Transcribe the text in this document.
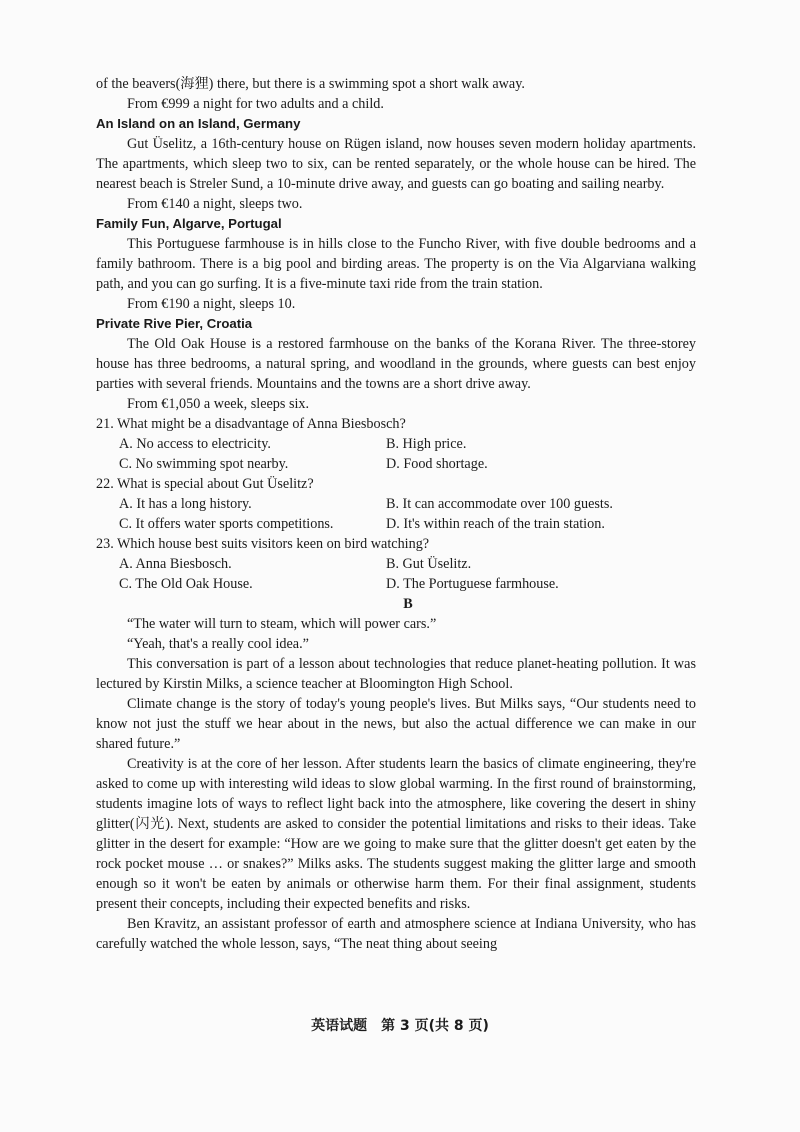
of the beavers(海狸) there, but there is a swimming spot a short walk away.

From €999 a night for two adults and a child.

An Island on an Island, Germany

Gut Üselitz, a 16th-century house on Rügen island, now houses seven modern holiday apartments. The apartments, which sleep two to six, can be rented separately, or the whole house can be hired. The nearest beach is Streler Sund, a 10-minute drive away, and guests can go boating and sailing nearby.

From €140 a night, sleeps two.

Family Fun, Algarve, Portugal

This Portuguese farmhouse is in hills close to the Funcho River, with five double bedrooms and a family bathroom. There is a big pool and birding areas. The property is on the Via Algarviana walking path, and you can go surfing. It is a five-minute taxi ride from the train station.

From €190 a night, sleeps 10.

Private Rive Pier, Croatia

The Old Oak House is a restored farmhouse on the banks of the Korana River. The three-storey house has three bedrooms, a natural spring, and woodland in the grounds, where guests can best enjoy parties with several friends. Mountains and the towns are a short drive away.

From €1,050 a week, sleeps six.

21. What might be a disadvantage of Anna Biesbosch?

A. No access to electricity.	B. High price.
C. No swimming spot nearby.	D. Food shortage.

22. What is special about Gut Üselitz?

A. It has a long history.	B. It can accommodate over 100 guests.
C. It offers water sports competitions.	D. It's within reach of the train station.

23. Which house best suits visitors keen on bird watching?

A. Anna Biesbosch.	B. Gut Üselitz.
C. The Old Oak House.	D. The Portuguese farmhouse.

B

“The water will turn to steam, which will power cars.”

“Yeah, that's a really cool idea.”

This conversation is part of a lesson about technologies that reduce planet-heating pollution. It was lectured by Kirstin Milks, a science teacher at Bloomington High School.

Climate change is the story of today's young people's lives. But Milks says, “Our students need to know not just the stuff we hear about in the news, but also the actual difference we can make in our shared future.”

Creativity is at the core of her lesson. After students learn the basics of climate engineering, they're asked to come up with interesting wild ideas to slow global warming. In the first round of brainstorming, students imagine lots of ways to reflect light back into the atmosphere, like covering the desert in shiny glitter(闪光). Next, students are asked to consider the potential limitations and risks to their ideas. Take glitter in the desert for example: “How are we going to make sure that the glitter doesn't get eaten by the rock pocket mouse … or snakes?” Milks asks. The students suggest making the glitter large and smooth enough so it won't be eaten by animals or otherwise harm them. For their final assignment, students present their concepts, including their expected benefits and risks.

Ben Kravitz, an assistant professor of earth and atmosphere science at Indiana University, who has carefully watched the whole lesson, says, “The neat thing about seeing

英语试题　第 3 页(共 8 页)
